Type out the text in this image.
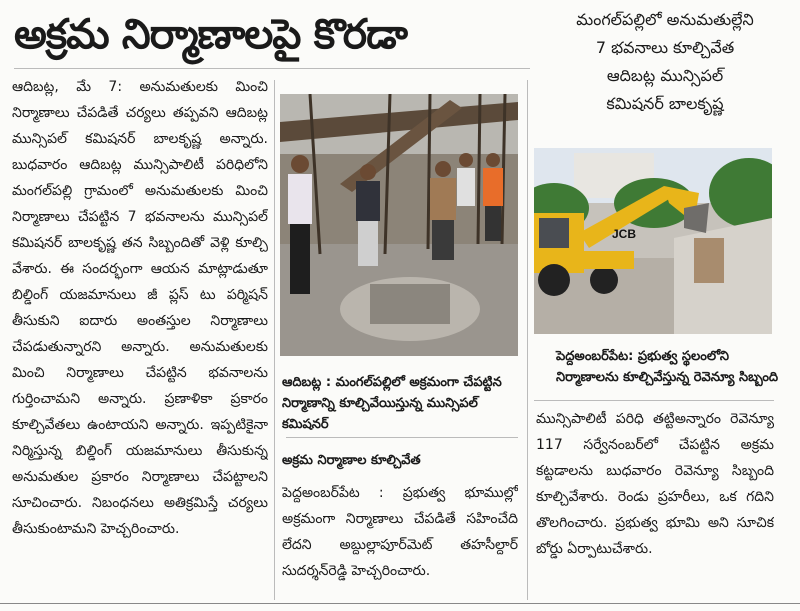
అక్రమ నిర్మాణాలపై కొరడా	మంగల్‌పల్లిలో అనుమతుల్లేని
7 భవనాలు కూల్చివేత
ఆదిబట్ల మున్సిపల్
కమిషనర్ బాలకృష్ణ

ఆదిబట్ల, మే 7: అనుమతులకు మించి నిర్మాణాలు చేపడితే చర్యలు తప్పవని ఆదిబట్ల మున్సిపల్ కమిషనర్ బాలకృష్ణ అన్నారు. బుధవారం ఆదిబట్ల మున్సిపాలిటీ పరిధిలోని మంగల్‌పల్లి గ్రామంలో అనుమతులకు మించి నిర్మాణాలు చేపట్టిన 7 భవనాలను మున్సిపల్ కమిషనర్ బాలకృష్ణ తన సిబ్బందితో వెళ్లి కూల్చి వేశారు. ఈ సందర్భంగా ఆయన మాట్లాడుతూ బిల్డింగ్ యజమానులు జీ ప్లస్ టు పర్మిషన్ తీసుకుని ఐదారు అంతస్తుల నిర్మాణాలు చేపడుతున్నారని అన్నారు. అనుమతులకు మించి నిర్మాణాలు చేపట్టిన భవనాలను గుర్తించామని అన్నారు. ప్రణాళికా ప్రకారం కూల్చివేతలు ఉంటాయని అన్నారు. ఇప్పటికైనా నిర్మిస్తున్న బిల్డింగ్ యజమానులు తీసుకున్న అనుమతుల ప్రకారం నిర్మాణాలు చేపట్టాలని సూచించారు. నిబంధనలు అతిక్రమిస్తే చర్యలు తీసుకుంటామని హెచ్చరించారు.

ఆదిబట్ల : మంగల్‌పల్లిలో అక్రమంగా చేపట్టిన నిర్మాణాన్ని కూల్చివేయిస్తున్న మున్సిపల్ కమిషనర్
అక్రమ నిర్మాణాల కూల్చివేత

పెద్దఅంబర్‌పేట : ప్రభుత్వ భూముల్లో అక్రమంగా నిర్మాణాలు చేపడితే సహించేది లేదని అబ్దుల్లాపూర్‌మెట్ తహసీల్దార్ సుదర్శన్‌రెడ్డి హెచ్చరించారు.

JCB
పెద్దఅంబర్‌పేట: ప్రభుత్వ స్థలంలోని నిర్మాణాలను కూల్చివేస్తున్న రెవెన్యూ సిబ్బంది

మున్సిపాలిటీ పరిధి తట్టిఅన్నారం రెవెన్యూ 117 సర్వేనంబర్‌లో చేపట్టిన అక్రమ కట్టడాలను బుధవారం రెవెన్యూ సిబ్బంది కూల్చివేశారు. రెండు ప్రహరీలు, ఒక గదిని తొలగించారు. ప్రభుత్వ భూమి అని సూచిక బోర్డు ఏర్పాటుచేశారు.
